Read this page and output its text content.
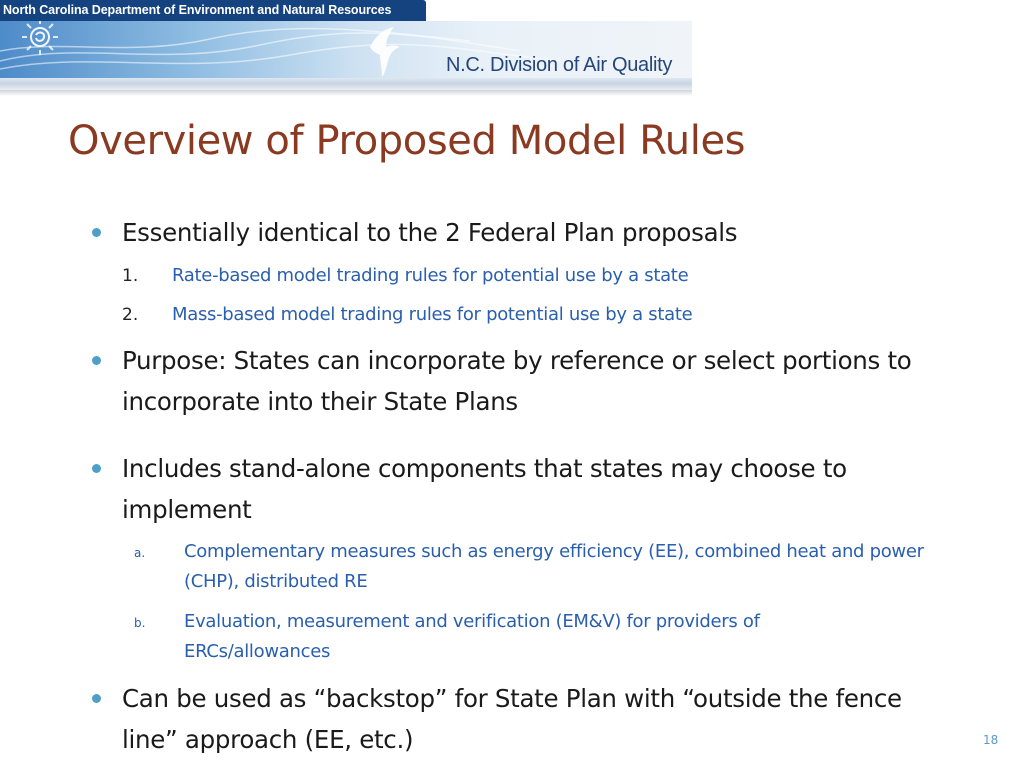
North Carolina Department of Environment and Natural Resources
N.C. Division of Air Quality
Overview of Proposed Model Rules
Essentially identical to the 2 Federal Plan proposals
1. Rate-based model trading rules for potential use by a state
2. Mass-based model trading rules for potential use by a state
Purpose: States can incorporate by reference or select portions to incorporate into their State Plans
Includes stand-alone components that states may choose to implement
a. Complementary measures such as energy efficiency (EE), combined heat and power (CHP), distributed RE
b. Evaluation, measurement and verification (EM&V) for providers of ERCs/allowances
Can be used as “backstop” for State Plan with “outside the fence line” approach (EE, etc.)	18
